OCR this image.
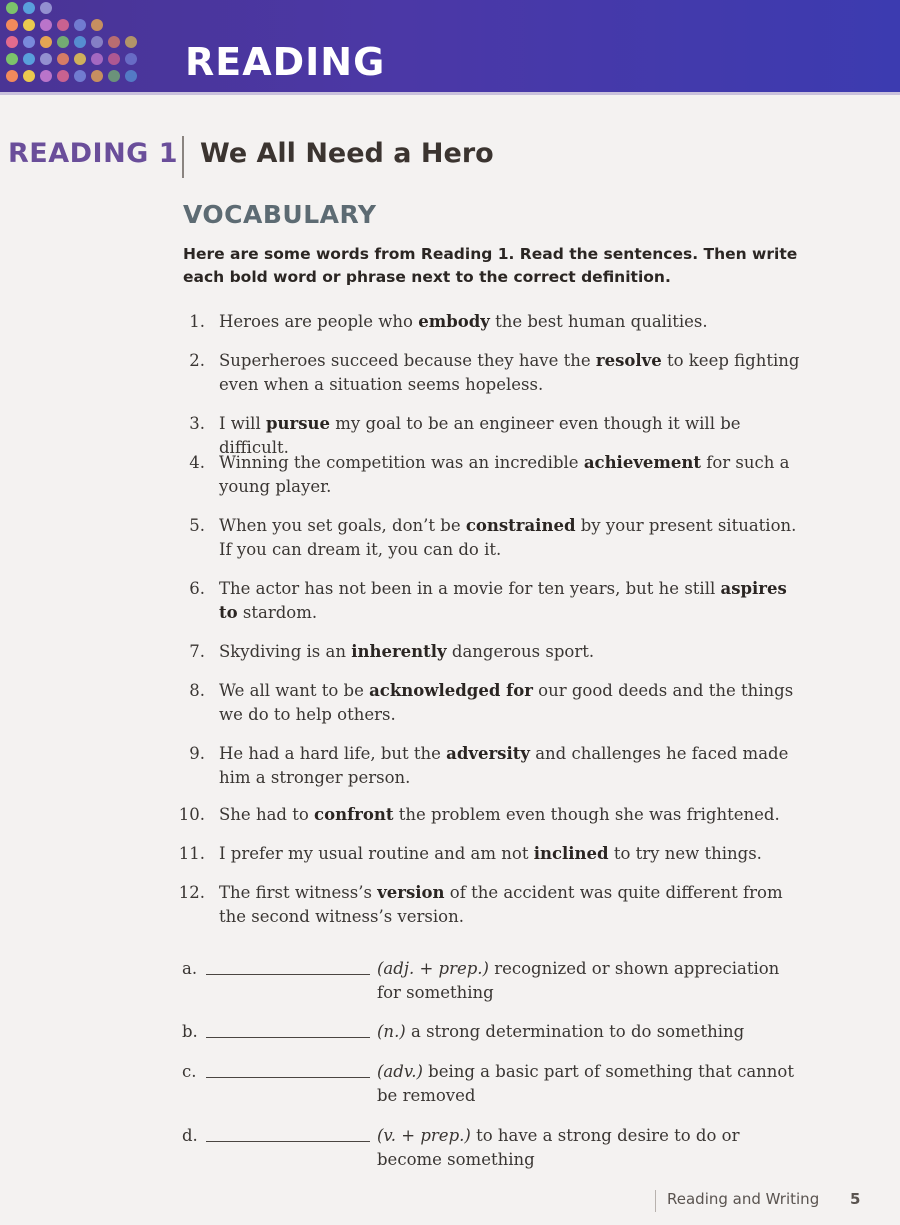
READING
READING 1 We All Need a Hero
VOCABULARY

Here are some words from Reading 1. Read the sentences. Then write each bold word or phrase next to the correct definition.

1. Heroes are people who embody the best human qualities.
2. Superheroes succeed because they have the resolve to keep fighting even when a situation seems hopeless.
3. I will pursue my goal to be an engineer even though it will be difficult.
4. Winning the competition was an incredible achievement for such a young player.
5. When you set goals, don’t be constrained by your present situation. If you can dream it, you can do it.
6. The actor has not been in a movie for ten years, but he still aspires to stardom.
7. Skydiving is an inherently dangerous sport.
8. We all want to be acknowledged for our good deeds and the things we do to help others.
9. He had a hard life, but the adversity and challenges he faced made him a stronger person.
10. She had to confront the problem even though she was frightened.
11. I prefer my usual routine and am not inclined to try new things.
12. The first witness’s version of the accident was quite different from the second witness’s version.
a.	(adj. + prep.) recognized or shown appreciation for something
b.	(n.) a strong determination to do something
c.	(adv.) being a basic part of something that cannot be removed
d.	(v. + prep.) to have a strong desire to do or become something

Reading and Writing 5
